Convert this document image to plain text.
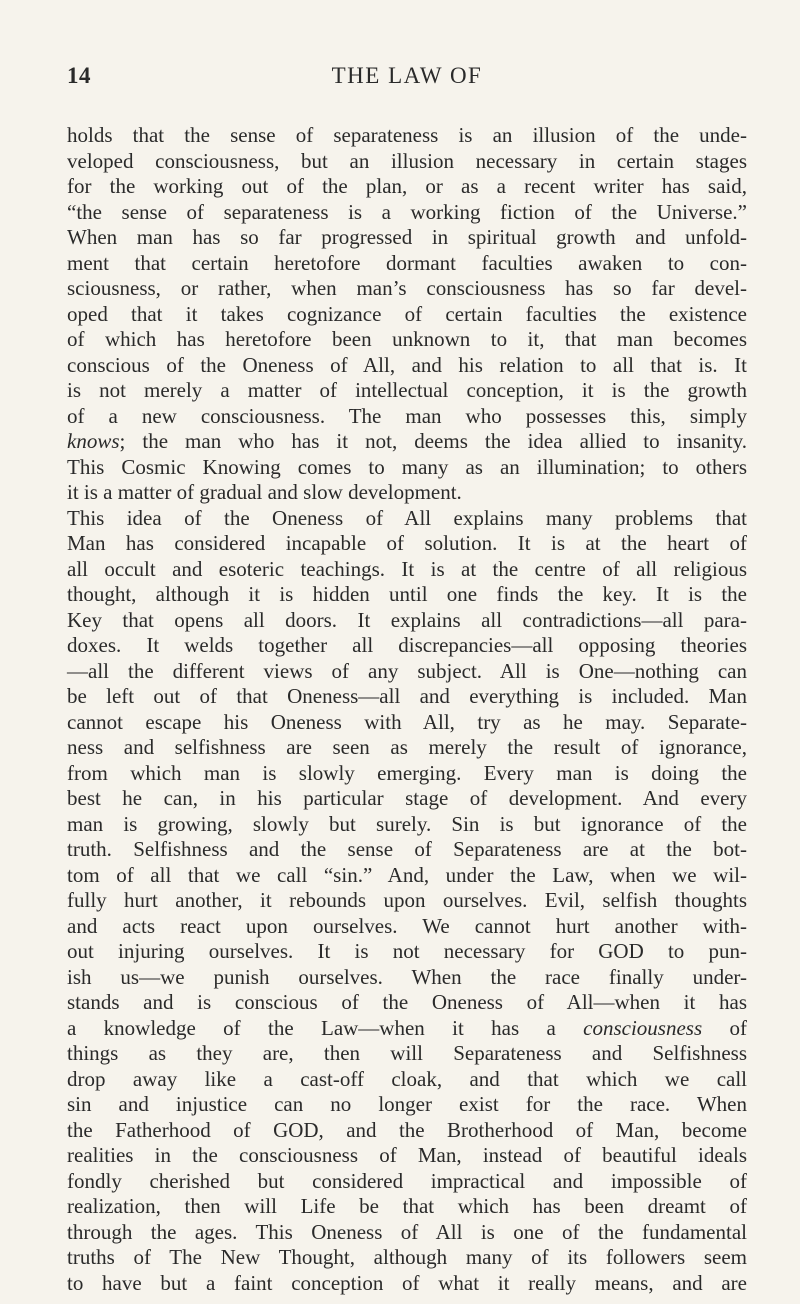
14	THE LAW OF
holds that the sense of separateness is an illusion of the unde-
veloped consciousness, but an illusion necessary in certain stages
for the working out of the plan, or as a recent writer has said,
“the sense of separateness is a working fiction of the Universe.”
When man has so far progressed in spiritual growth and unfold-
ment that certain heretofore dormant faculties awaken to con-
sciousness, or rather, when man’s consciousness has so far devel-
oped that it takes cognizance of certain faculties the existence
of which has heretofore been unknown to it, that man becomes
conscious of the Oneness of All, and his relation to all that is. It
is not merely a matter of intellectual conception, it is the growth
of a new consciousness. The man who possesses this, simply
knows; the man who has it not, deems the idea allied to insanity.
This Cosmic Knowing comes to many as an illumination; to others
it is a matter of gradual and slow development.
This idea of the Oneness of All explains many problems that
Man has considered incapable of solution. It is at the heart of
all occult and esoteric teachings. It is at the centre of all religious
thought, although it is hidden until one finds the key. It is the
Key that opens all doors. It explains all contradictions—all para-
doxes. It welds together all discrepancies—all opposing theories
—all the different views of any subject. All is One—nothing can
be left out of that Oneness—all and everything is included. Man
cannot escape his Oneness with All, try as he may. Separate-
ness and selfishness are seen as merely the result of ignorance,
from which man is slowly emerging. Every man is doing the
best he can, in his particular stage of development. And every
man is growing, slowly but surely. Sin is but ignorance of the
truth. Selfishness and the sense of Separateness are at the bot-
tom of all that we call “sin.” And, under the Law, when we wil-
fully hurt another, it rebounds upon ourselves. Evil, selfish thoughts
and acts react upon ourselves. We cannot hurt another with-
out injuring ourselves. It is not necessary for GOD to pun-
ish us—we punish ourselves. When the race finally under-
stands and is conscious of the Oneness of All—when it has
a knowledge of the Law—when it has a consciousness of
things as they are, then will Separateness and Selfishness
drop away like a cast-off cloak, and that which we call
sin and injustice can no longer exist for the race. When
the Fatherhood of GOD, and the Brotherhood of Man, become
realities in the consciousness of Man, instead of beautiful ideals
fondly cherished but considered impractical and impossible of
realization, then will Life be that which has been dreamt of
through the ages. This Oneness of All is one of the fundamental
truths of The New Thought, although many of its followers seem
to have but a faint conception of what it really means, and are
